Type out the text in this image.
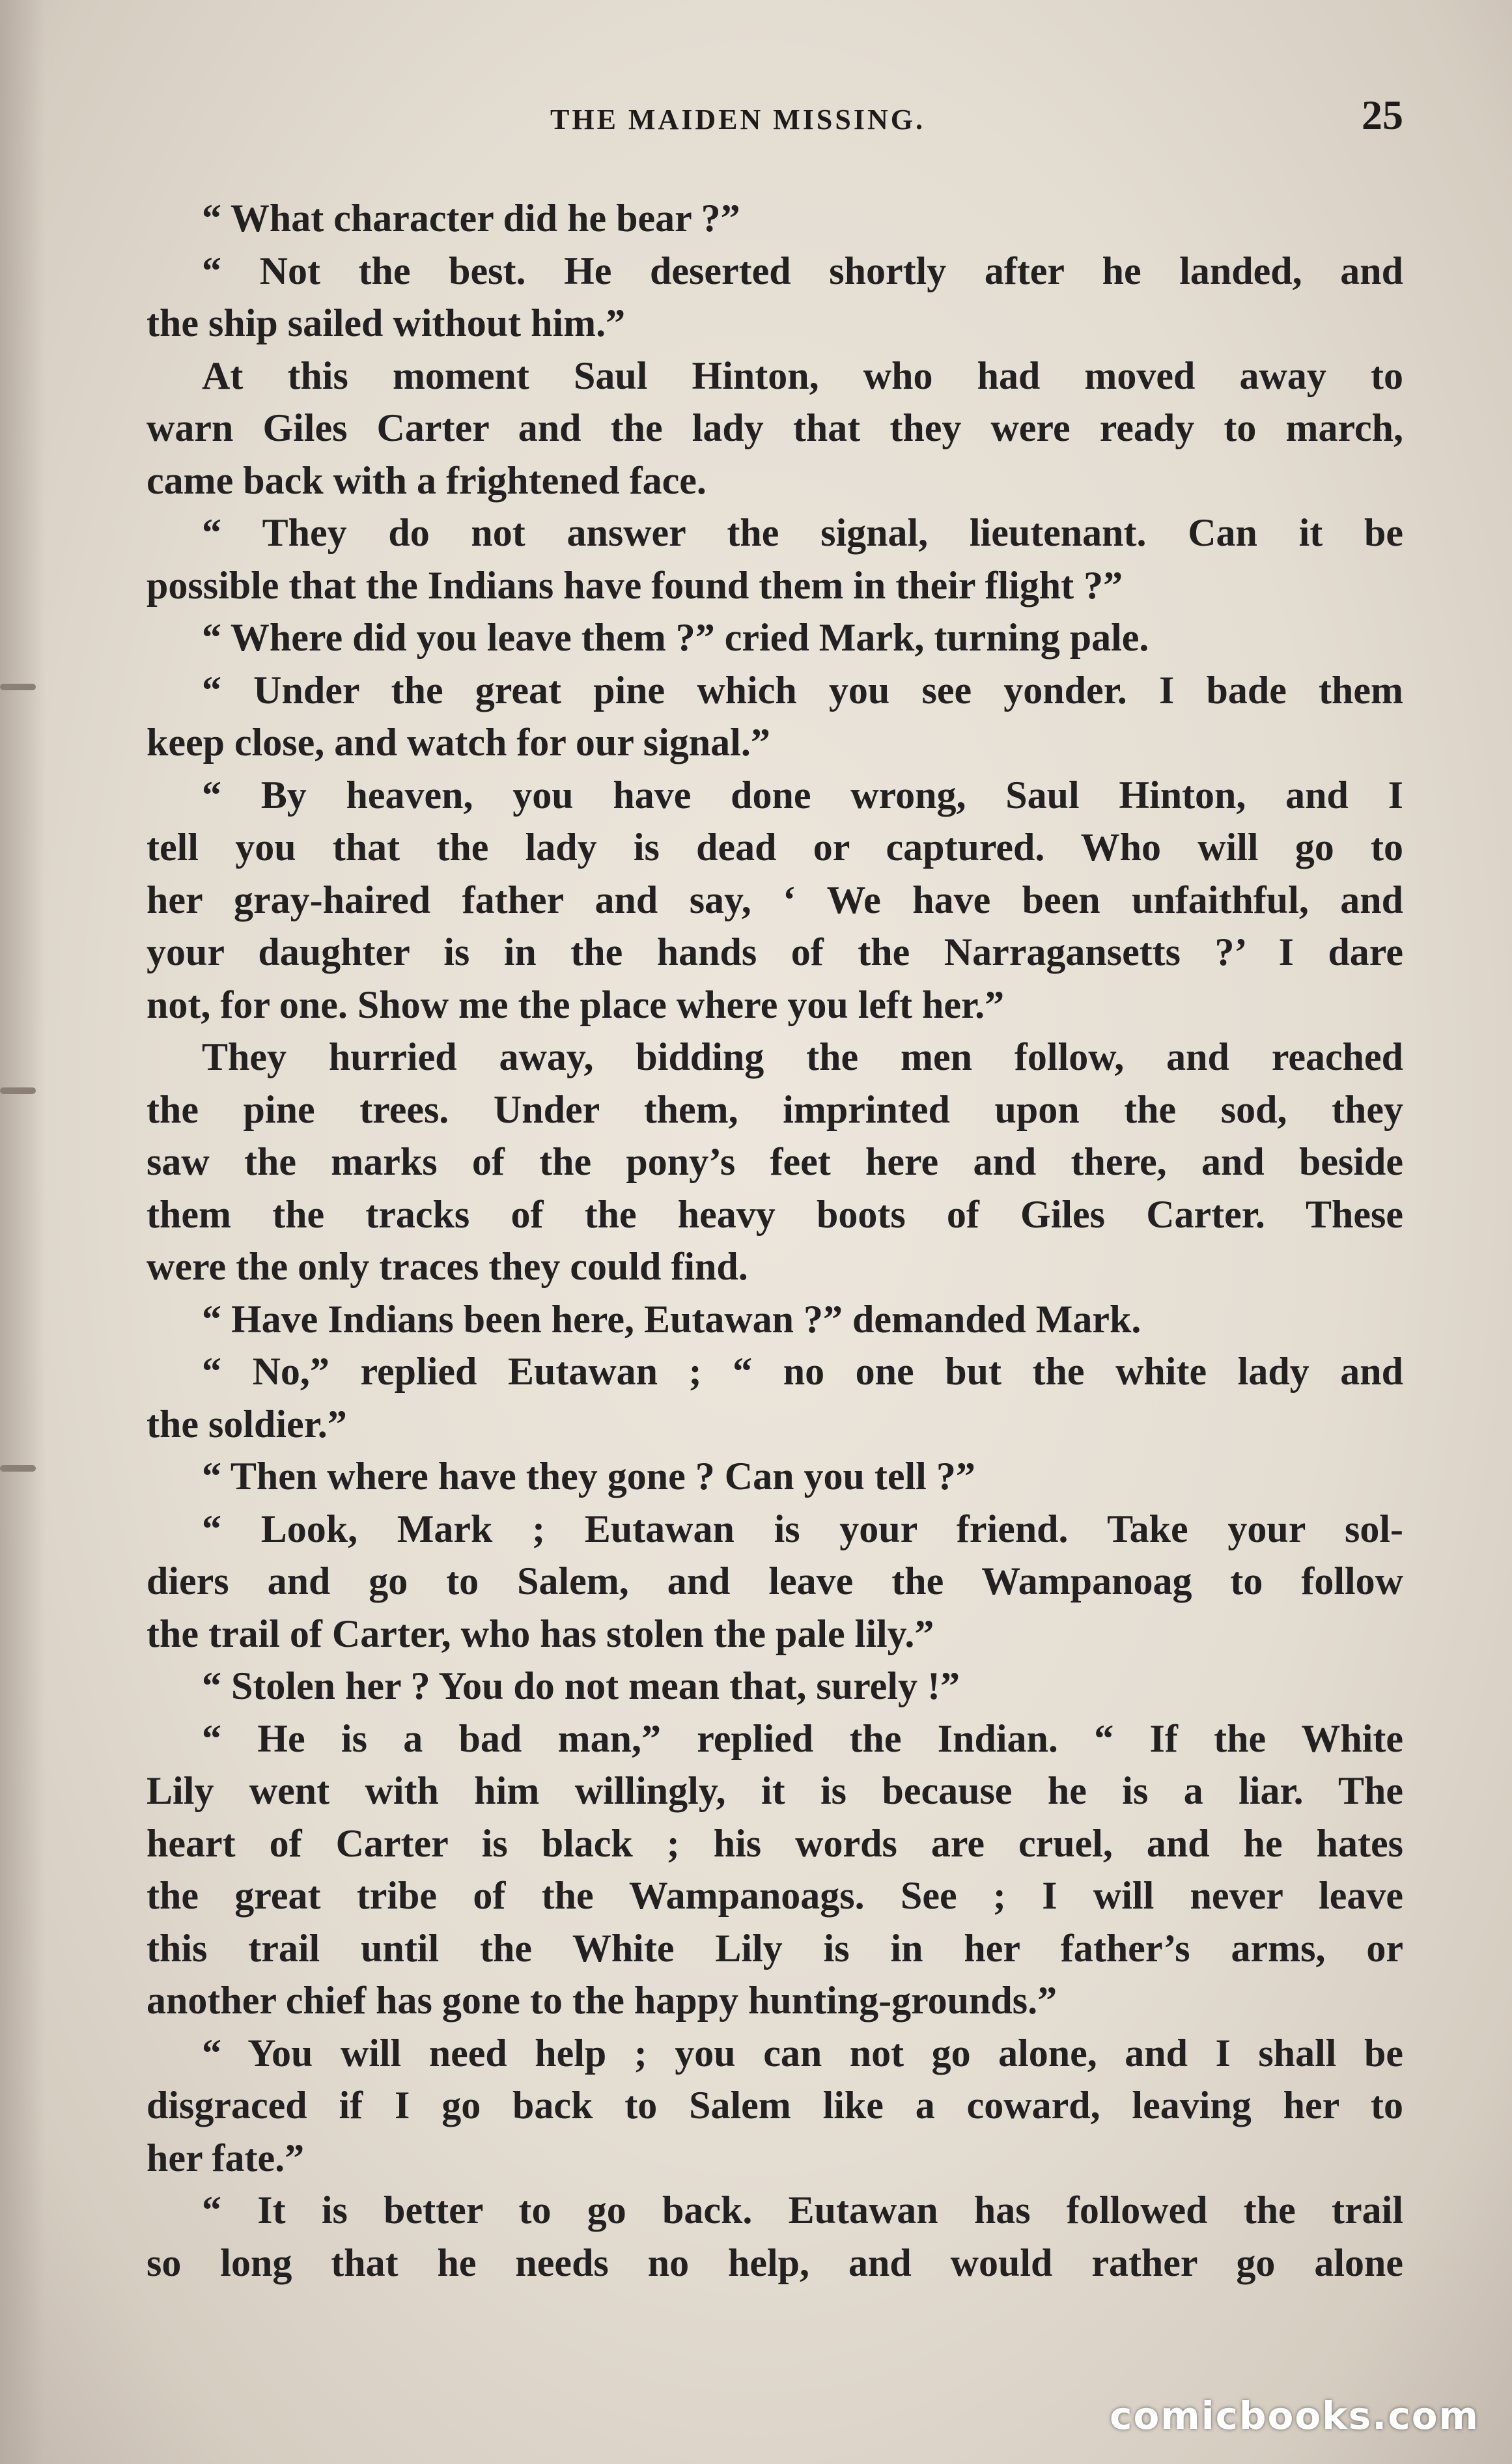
THE MAIDEN MISSING.	25
“ What character did he bear ?”
“ Not the best. He deserted shortly after he landed, and
the ship sailed without him.”
At this moment Saul Hinton, who had moved away to
warn Giles Carter and the lady that they were ready to march,
came back with a frightened face.
“ They do not answer the signal, lieutenant. Can it be
possible that the Indians have found them in their flight ?”
“ Where did you leave them ?” cried Mark, turning pale.
“ Under the great pine which you see yonder. I bade them
keep close, and watch for our signal.”
“ By heaven, you have done wrong, Saul Hinton, and I
tell you that the lady is dead or captured. Who will go to
her gray-haired father and say, ‘ We have been unfaithful, and
your daughter is in the hands of the Narragansetts ?’ I dare
not, for one. Show me the place where you left her.”
They hurried away, bidding the men follow, and reached
the pine trees. Under them, imprinted upon the sod, they
saw the marks of the pony’s feet here and there, and beside
them the tracks of the heavy boots of Giles Carter. These
were the only traces they could find.
“ Have Indians been here, Eutawan ?” demanded Mark.
“ No,” replied Eutawan ; “ no one but the white lady and
the soldier.”
“ Then where have they gone ? Can you tell ?”
“ Look, Mark ; Eutawan is your friend. Take your sol-
diers and go to Salem, and leave the Wampanoag to follow
the trail of Carter, who has stolen the pale lily.”
“ Stolen her ? You do not mean that, surely !”
“ He is a bad man,” replied the Indian. “ If the White
Lily went with him willingly, it is because he is a liar. The
heart of Carter is black ; his words are cruel, and he hates
the great tribe of the Wampanoags. See ; I will never leave
this trail until the White Lily is in her father’s arms, or
another chief has gone to the happy hunting-grounds.”
“ You will need help ; you can not go alone, and I shall be
disgraced if I go back to Salem like a coward, leaving her to
her fate.”
“ It is better to go back. Eutawan has followed the trail
so long that he needs no help, and would rather go alone
comicbooks.com
